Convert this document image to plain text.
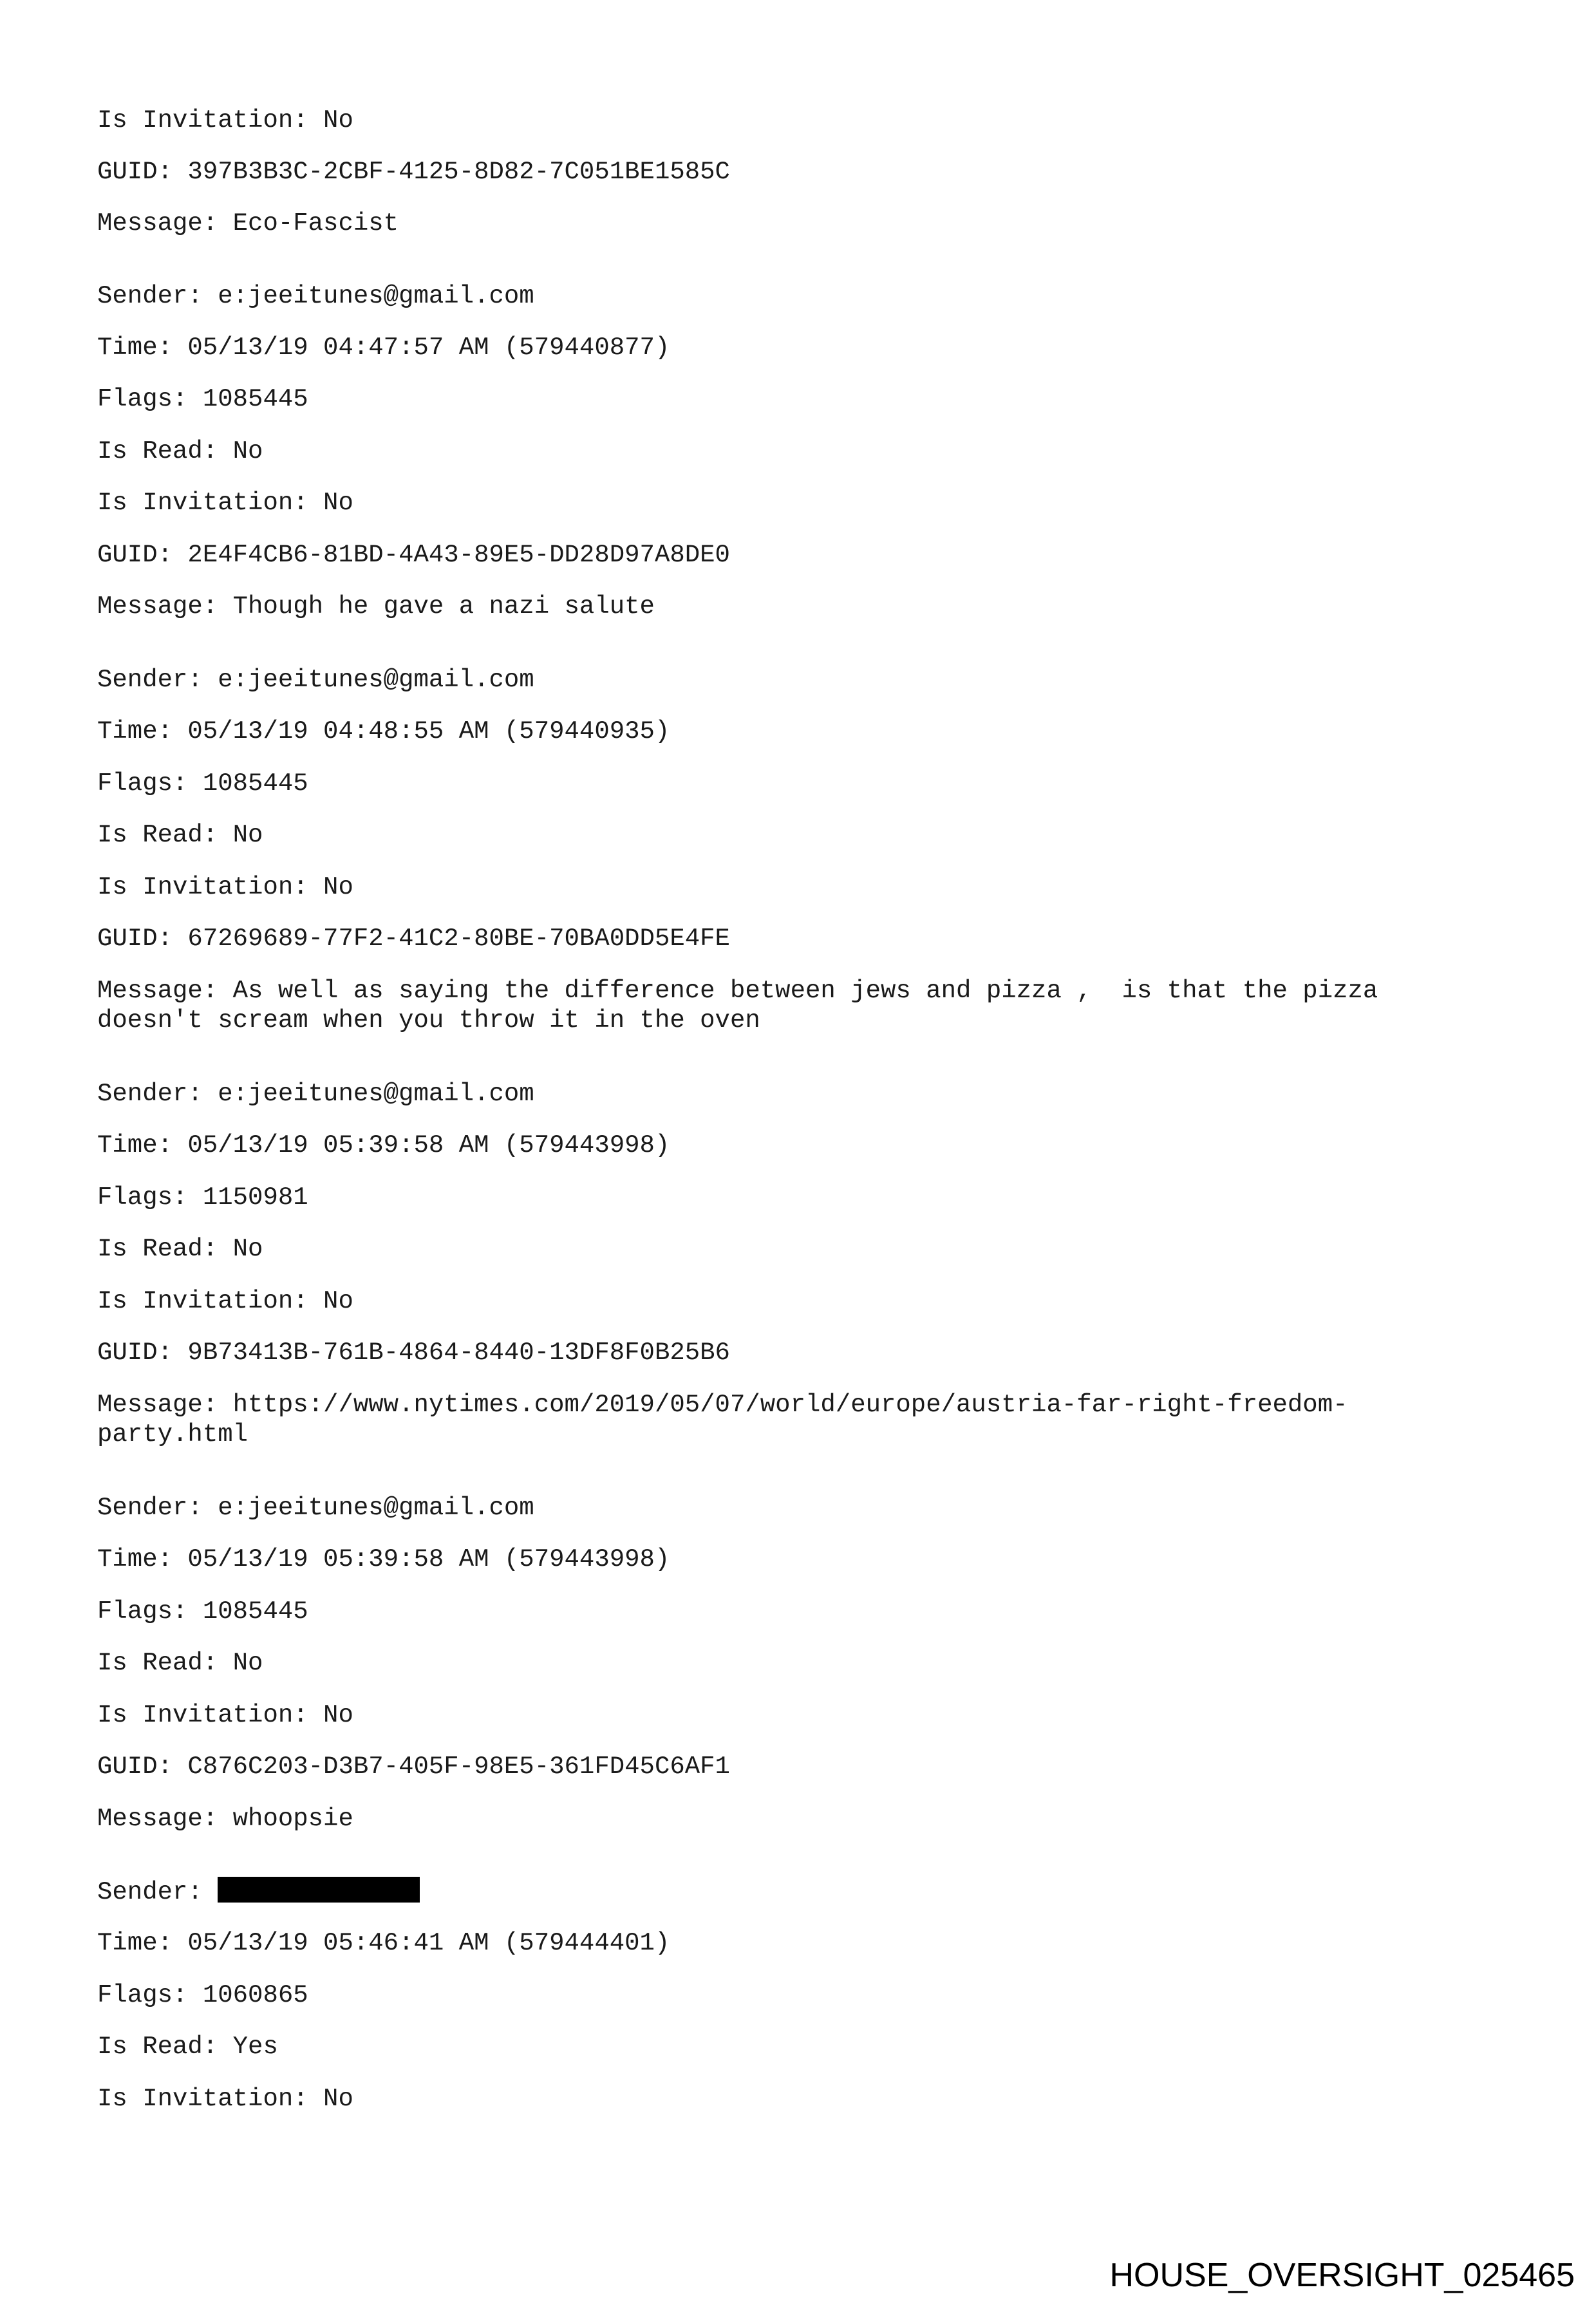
Is Invitation: No
GUID: 397B3B3C-2CBF-4125-8D82-7C051BE1585C
Message: Eco-Fascist
Sender: e:jeeitunes@gmail.com
Time: 05/13/19 04:47:57 AM (579440877)
Flags: 1085445
Is Read: No
Is Invitation: No
GUID: 2E4F4CB6-81BD-4A43-89E5-DD28D97A8DE0
Message: Though he gave a nazi salute
Sender: e:jeeitunes@gmail.com
Time: 05/13/19 04:48:55 AM (579440935)
Flags: 1085445
Is Read: No
Is Invitation: No
GUID: 67269689-77F2-41C2-80BE-70BA0DD5E4FE
Message: As well as saying the difference between jews and pizza ,  is that the pizza
doesn't scream when you throw it in the oven
Sender: e:jeeitunes@gmail.com
Time: 05/13/19 05:39:58 AM (579443998)
Flags: 1150981
Is Read: No
Is Invitation: No
GUID: 9B73413B-761B-4864-8440-13DF8F0B25B6
Message: https://www.nytimes.com/2019/05/07/world/europe/austria-far-right-freedom-
party.html
Sender: e:jeeitunes@gmail.com
Time: 05/13/19 05:39:58 AM (579443998)
Flags: 1085445
Is Read: No
Is Invitation: No
GUID: C876C203-D3B7-405F-98E5-361FD45C6AF1
Message: whoopsie
Sender:
Time: 05/13/19 05:46:41 AM (579444401)
Flags: 1060865
Is Read: Yes
Is Invitation: No
HOUSE_OVERSIGHT_025465
